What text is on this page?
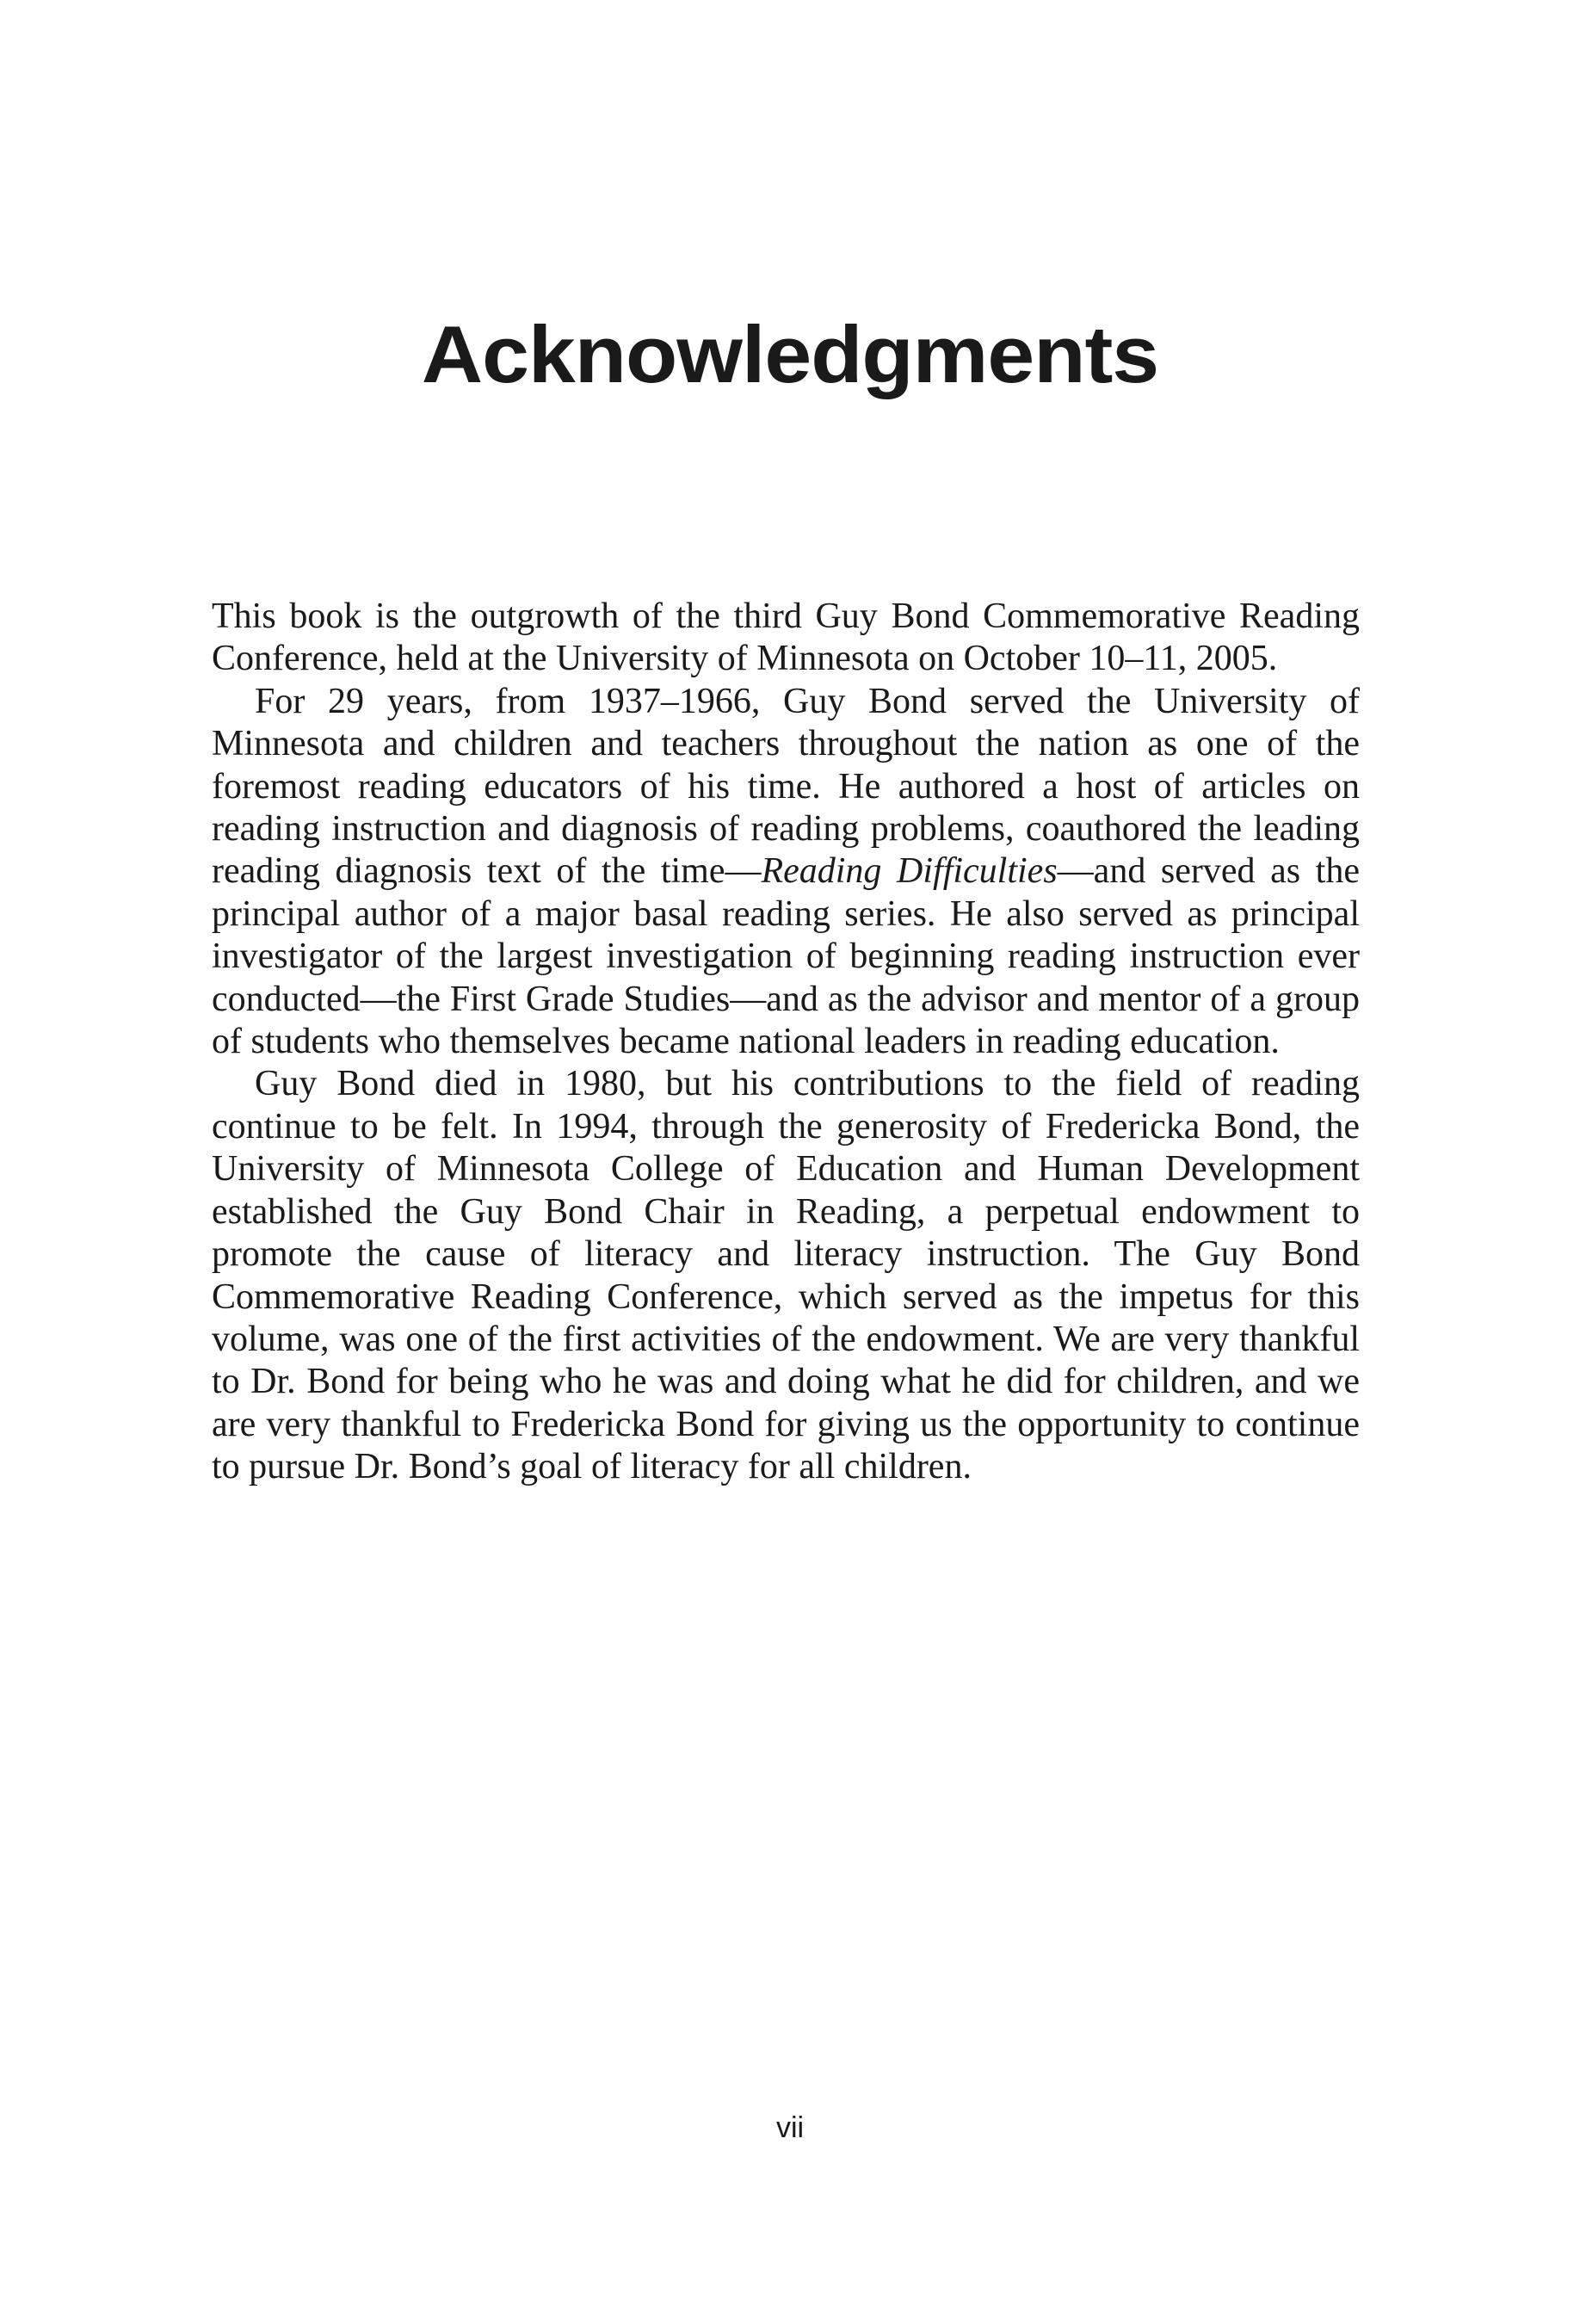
Acknowledgments

This book is the outgrowth of the third Guy Bond Commemorative Reading Conference, held at the University of Minnesota on October 10–11, 2005.

For 29 years, from 1937–1966, Guy Bond served the University of Minnesota and children and teachers throughout the nation as one of the foremost reading educators of his time. He authored a host of articles on reading instruction and diagnosis of reading problems, coauthored the leading reading diagnosis text of the time—Reading Difficulties—and served as the principal author of a major basal reading series. He also served as principal investigator of the largest investigation of beginning reading instruction ever conducted—the First Grade Studies—and as the advisor and mentor of a group of students who themselves became national leaders in reading education.

Guy Bond died in 1980, but his contributions to the field of reading continue to be felt. In 1994, through the generosity of Fredericka Bond, the University of Minnesota College of Education and Human Development established the Guy Bond Chair in Reading, a perpetual endowment to promote the cause of literacy and literacy instruction. The Guy Bond Commemorative Reading Conference, which served as the impetus for this volume, was one of the first activities of the endowment. We are very thankful to Dr. Bond for being who he was and doing what he did for children, and we are very thankful to Fredericka Bond for giving us the opportunity to continue to pursue Dr. Bond’s goal of literacy for all children.

vii
